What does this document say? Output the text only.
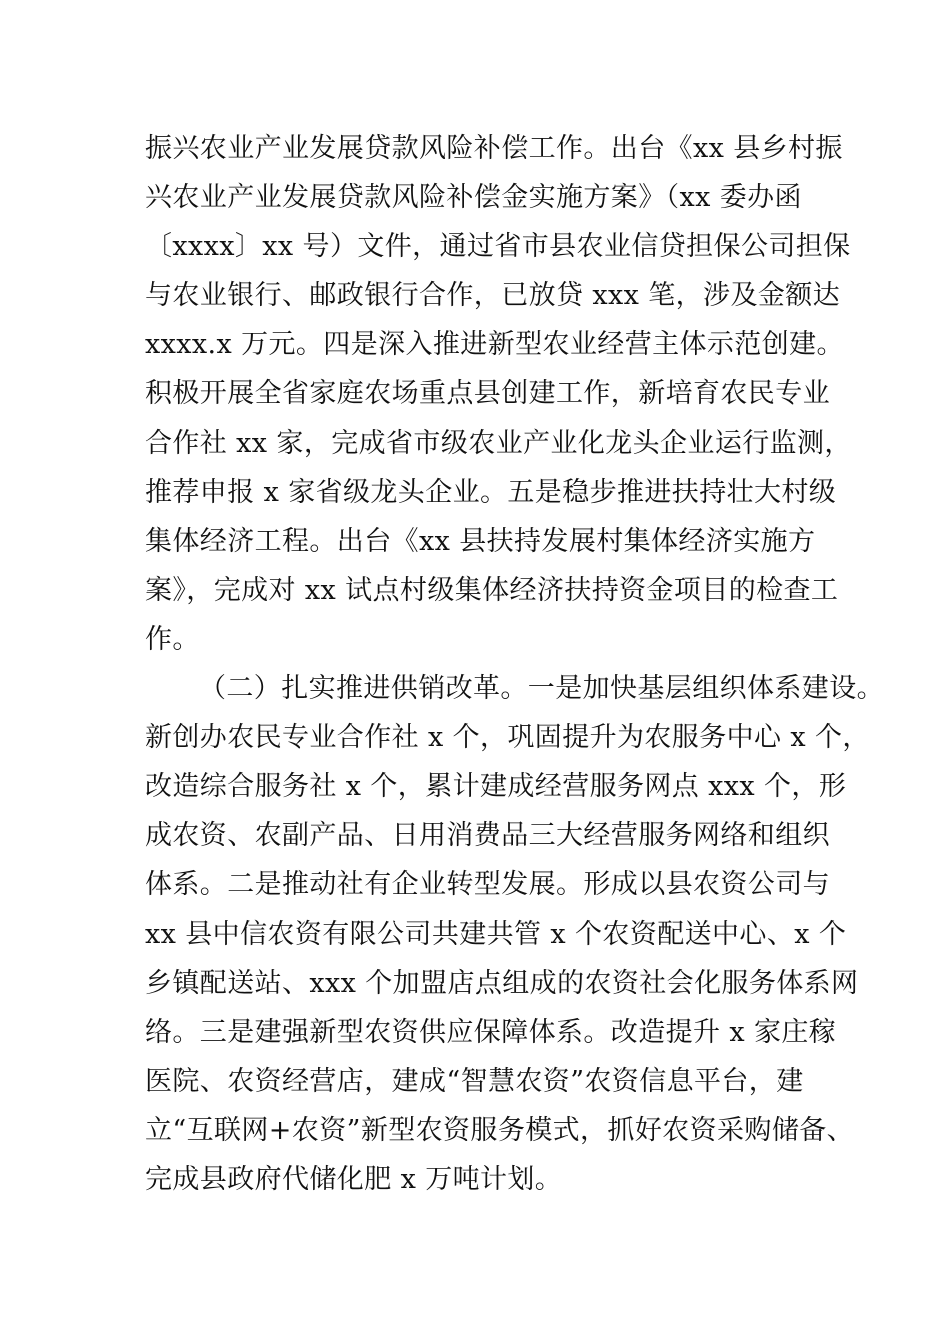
振兴农业产业发展贷款风险补偿工作。出台《xx 县乡村振
兴农业产业发展贷款风险补偿金实施方案》（xx 委办函
〔xxxx〕xx 号）文件，通过省市县农业信贷担保公司担保
与农业银行、邮政银行合作，已放贷 xxx 笔，涉及金额达
xxxx.x 万元。四是深入推进新型农业经营主体示范创建。
积极开展全省家庭农场重点县创建工作，新培育农民专业
合作社 xx 家，完成省市级农业产业化龙头企业运行监测，
推荐申报 x 家省级龙头企业。五是稳步推进扶持壮大村级
集体经济工程。出台《xx 县扶持发展村集体经济实施方
案》，完成对 xx 试点村级集体经济扶持资金项目的检查工
作。
（二）扎实推进供销改革。一是加快基层组织体系建设。
新创办农民专业合作社 x 个，巩固提升为农服务中心 x 个，
改造综合服务社 x 个，累计建成经营服务网点 xxx 个，形
成农资、农副产品、日用消费品三大经营服务网络和组织
体系。二是推动社有企业转型发展。形成以县农资公司与
xx 县中信农资有限公司共建共管 x 个农资配送中心、x 个
乡镇配送站、xxx 个加盟店点组成的农资社会化服务体系网
络。三是建强新型农资供应保障体系。改造提升 x 家庄稼
医院、农资经营店，建成“智慧农资”农资信息平台，建
立“互联网+农资”新型农资服务模式，抓好农资采购储备、
完成县政府代储化肥 x 万吨计划。
